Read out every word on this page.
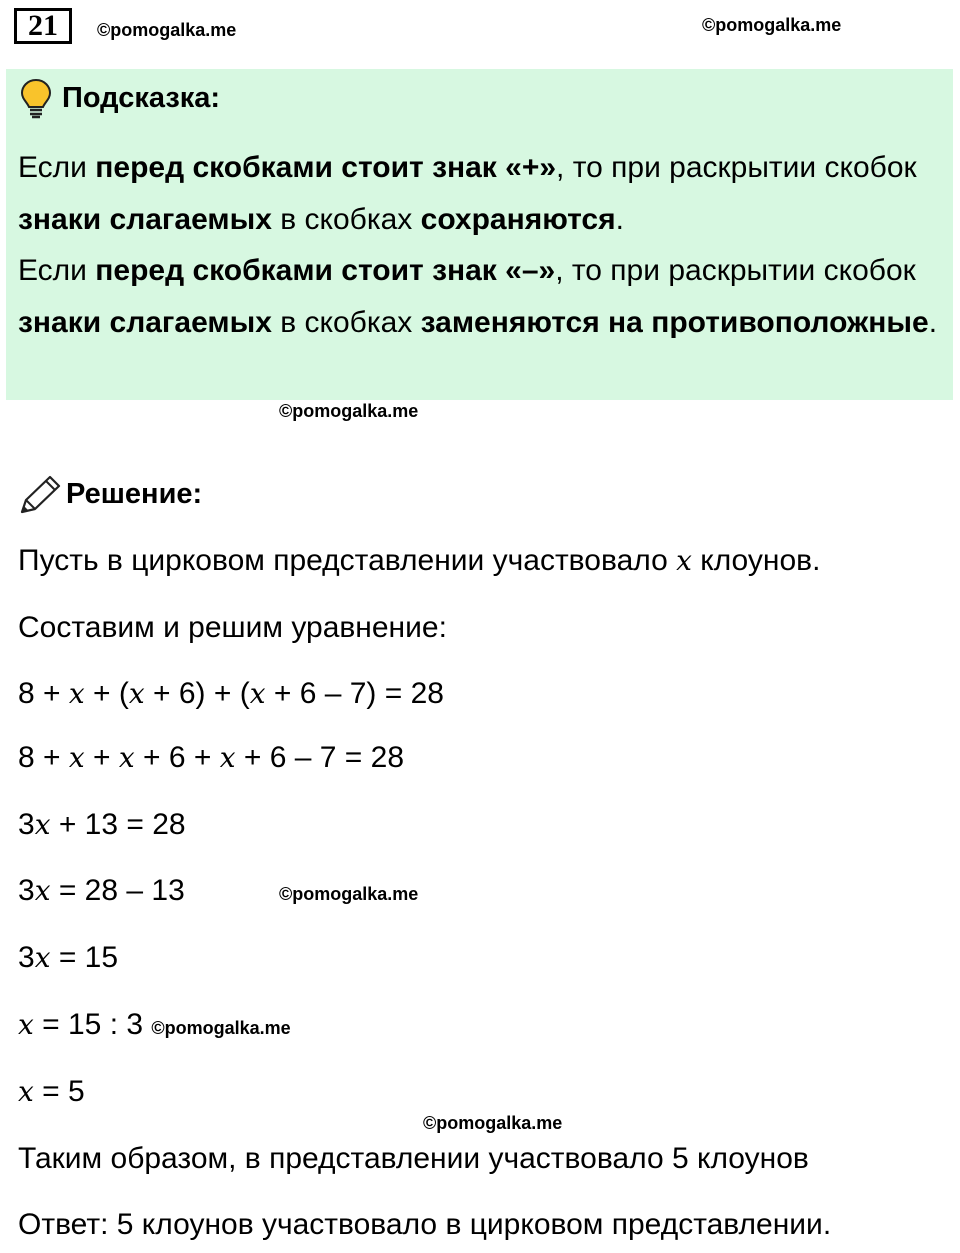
21	©pomogalka.me	©pomogalka.me
Подсказка:

Если перед скобками стоит знак «+», то при раскрытии скобок знаки слагаемых в скобках сохраняются.

Если перед скобками стоит знак «–», то при раскрытии скобок знаки слагаемых в скобках заменяются на противоположные.

©pomogalka.me
Решение:
Пусть в цирковом представлении участвовало x клоунов.
Составим и решим уравнение:
8 + x + (x + 6) + (x + 6 – 7) = 28
8 + x + x + 6 + x + 6 – 7 = 28
3x + 13 = 28
3x = 28 – 13	©pomogalka.me
3x = 15
x = 15 : 3 ©pomogalka.me
x = 5
©pomogalka.me
Таким образом, в представлении участвовало 5 клоунов
Ответ: 5 клоунов участвовало в цирковом представлении.
